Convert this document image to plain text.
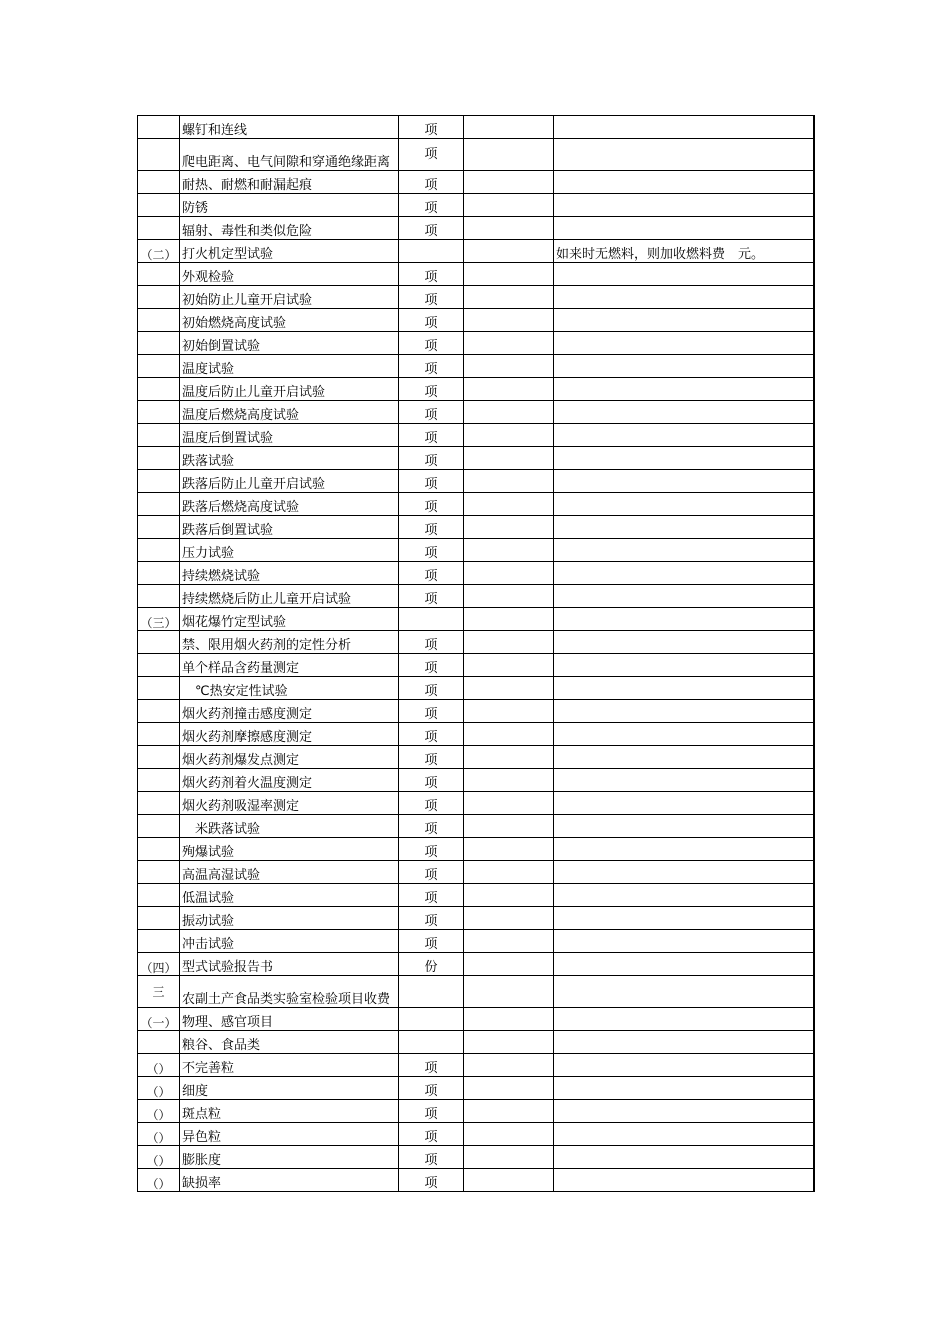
	螺钉和连线	项		
	爬电距离、电气间隙和穿通绝缘距离	项		
	耐热、耐燃和耐漏起痕	项		
	防锈	项		
	辐射、毒性和类似危险	项		
（二）	打火机定型试验			如来时无燃料，则加收燃料费　元。
	外观检验	项		
	初始防止儿童开启试验	项		
	初始燃烧高度试验	项		
	初始倒置试验	项		
	温度试验	项		
	温度后防止儿童开启试验	项		
	温度后燃烧高度试验	项		
	温度后倒置试验	项		
	跌落试验	项		
	跌落后防止儿童开启试验	项		
	跌落后燃烧高度试验	项		
	跌落后倒置试验	项		
	压力试验	项		
	持续燃烧试验	项		
	持续燃烧后防止儿童开启试验	项		
（三）	烟花爆竹定型试验			
	禁、限用烟火药剂的定性分析	项		
	单个样品含药量测定	项		
	　℃热安定性试验	项		
	烟火药剂撞击感度测定	项		
	烟火药剂摩擦感度测定	项		
	烟火药剂爆发点测定	项		
	烟火药剂着火温度测定	项		
	烟火药剂吸湿率测定	项		
	　米跌落试验	项		
	殉爆试验	项		
	高温高湿试验	项		
	低温试验	项		
	振动试验	项		
	冲击试验	项		
（四）	型式试验报告书	份		
三	农副土产食品类实验室检验项目收费			
（一）	物理、感官项目			
	粮谷、食品类			
（）	不完善粒	项		
（）	细度	项		
（）	斑点粒	项		
（）	异色粒	项		
（）	膨胀度	项		
（）	缺损率	项		
